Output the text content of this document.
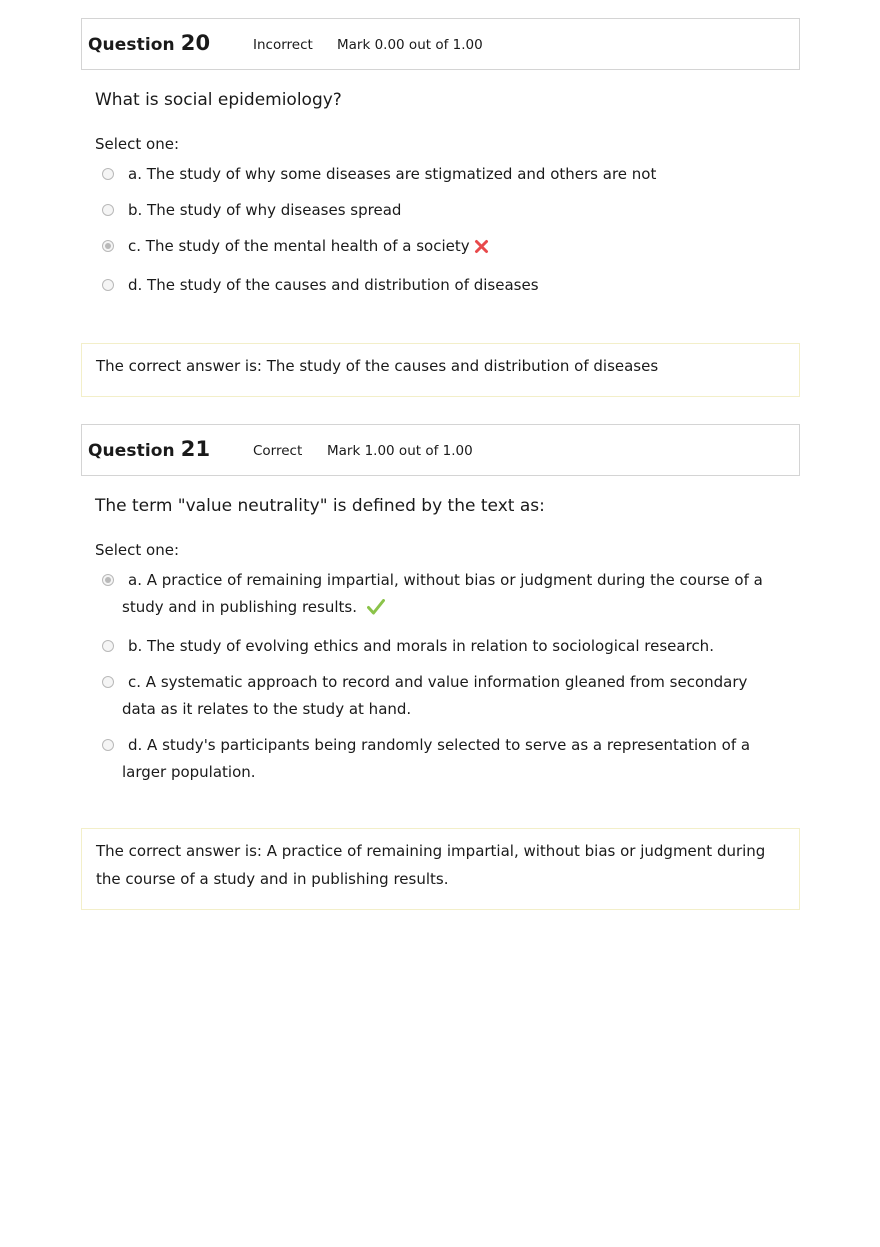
Question 20	Incorrect Mark 0.00 out of 1.00
What is social epidemiology?
Select one:
a. The study of why some diseases are stigmatized and others are not
b. The study of why diseases spread
c. The study of the mental health of a society
d. The study of the causes and distribution of diseases
The correct answer is: The study of the causes and distribution of diseases
Question 21	Correct Mark 1.00 out of 1.00
The term "value neutrality" is defined by the text as:
Select one:
a. A practice of remaining impartial, without bias or judgment during the course of a study and in publishing results.
b. The study of evolving ethics and morals in relation to sociological research.
c. A systematic approach to record and value information gleaned from secondary data as it relates to the study at hand.
d. A study's participants being randomly selected to serve as a representation of a larger population.
The correct answer is: A practice of remaining impartial, without bias or judgment during the course of a study and in publishing results.
